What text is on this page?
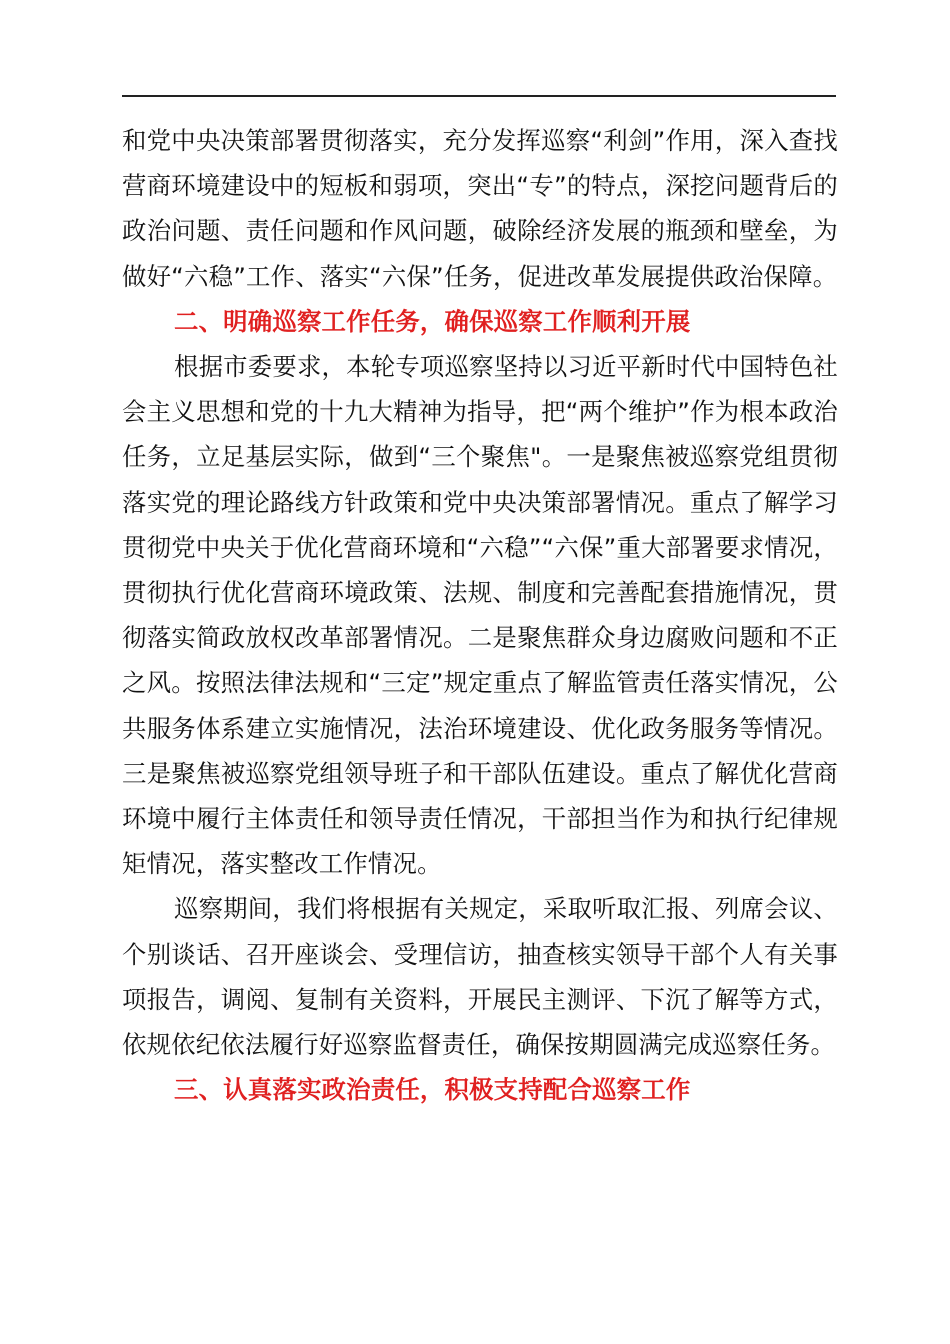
和党中央决策部署贯彻落实，充分发挥巡察“利剑”作用，深入查找营商环境建设中的短板和弱项，突出“专”的特点，深挖问题背后的政治问题、责任问题和作风问题，破除经济发展的瓶颈和壁垒，为做好“六稳”工作、落实“六保”任务，促进改革发展提供政治保障。

二、明确巡察工作任务，确保巡察工作顺利开展

根据市委要求，本轮专项巡察坚持以习近平新时代中国特色社会主义思想和党的十九大精神为指导，把“两个维护”作为根本政治任务，立足基层实际，做到“三个聚焦"。一是聚焦被巡察党组贯彻落实党的理论路线方针政策和党中央决策部署情况。重点了解学习贯彻党中央关于优化营商环境和“六稳”“六保”重大部署要求情况，贯彻执行优化营商环境政策、法规、制度和完善配套措施情况，贯彻落实简政放权改革部署情况。二是聚焦群众身边腐败问题和不正之风。按照法律法规和“三定”规定重点了解监管责任落实情况，公共服务体系建立实施情况，法治环境建设、优化政务服务等情况。三是聚焦被巡察党组领导班子和干部队伍建设。重点了解优化营商环境中履行主体责任和领导责任情况，干部担当作为和执行纪律规矩情况，落实整改工作情况。

巡察期间，我们将根据有关规定，采取听取汇报、列席会议、个别谈话、召开座谈会、受理信访，抽查核实领导干部个人有关事项报告，调阅、复制有关资料，开展民主测评、下沉了解等方式，依规依纪依法履行好巡察监督责任，确保按期圆满完成巡察任务。

三、认真落实政治责任，积极支持配合巡察工作
